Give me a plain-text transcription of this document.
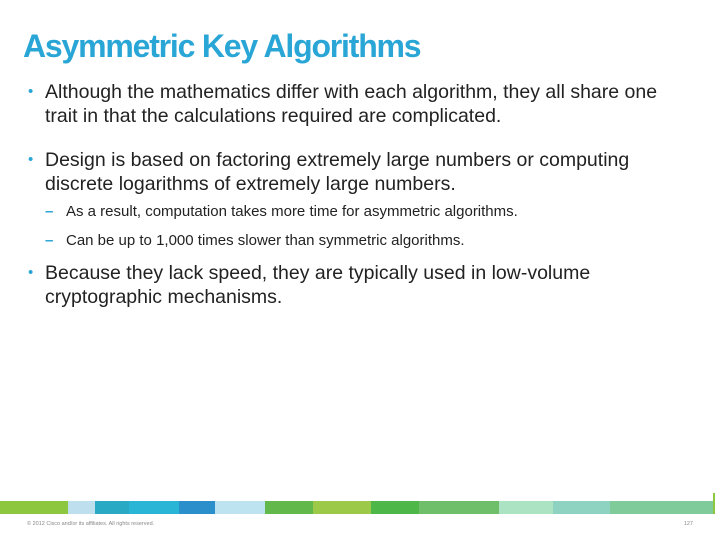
Asymmetric Key Algorithms
• Although the mathematics differ with each algorithm, they all share one trait in that the calculations required are complicated.
• Design is based on factoring extremely large numbers or computing discrete logarithms of extremely large numbers.
– As a result, computation takes more time for asymmetric algorithms.
– Can be up to 1,000 times slower than symmetric algorithms.
• Because they lack speed, they are typically used in low-volume cryptographic mechanisms.
© 2012 Cisco and/or its affiliates. All rights reserved.	127
